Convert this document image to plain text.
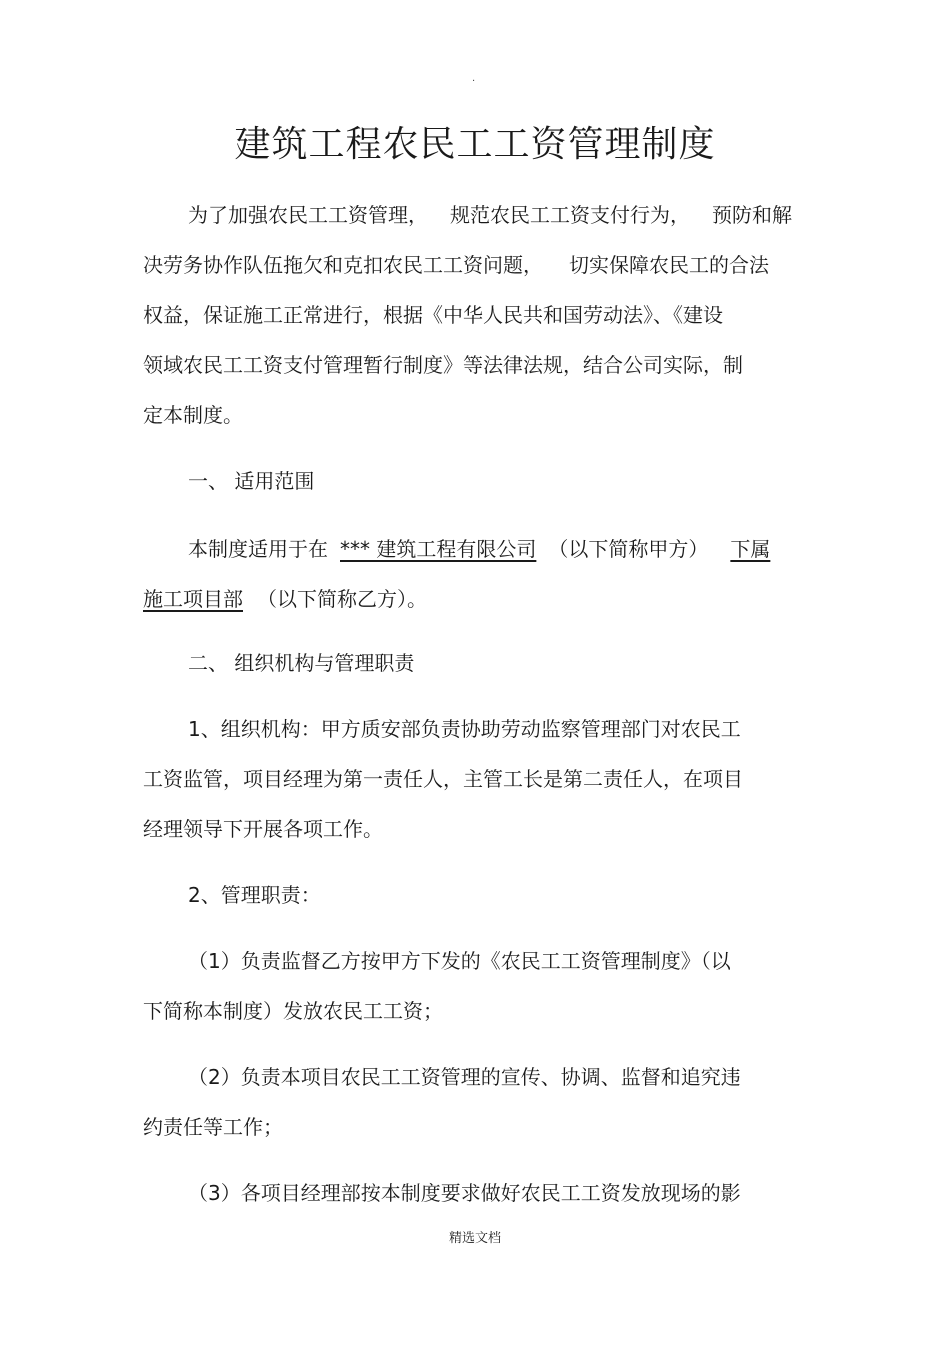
.
建筑工程农民工工资管理制度
为了加强农民工工资管理， 规范农民工工资支付行为， 预防和解
决劳务协作队伍拖欠和克扣农民工工资问题， 切实保障农民工的合法
权益，保证施工正常进行，根据《中华人民共和国劳动法》、《建设
领域农民工工资支付管理暂行制度》等法律法规，结合公司实际，制
定本制度。
一、 适用范围
本制度适用于在 *** 建筑工程有限公司 （以下简称甲方） 下属
施工项目部 （以下简称乙方）。
二、 组织机构与管理职责
1、组织机构：甲方质安部负责协助劳动监察管理部门对农民工
工资监管，项目经理为第一责任人，主管工长是第二责任人，在项目
经理领导下开展各项工作。
2、管理职责：
（1）负责监督乙方按甲方下发的《农民工工资管理制度》（以
下简称本制度）发放农民工工资；
（2）负责本项目农民工工资管理的宣传、协调、监督和追究违
约责任等工作；
（3）各项目经理部按本制度要求做好农民工工资发放现场的影
精选文档
